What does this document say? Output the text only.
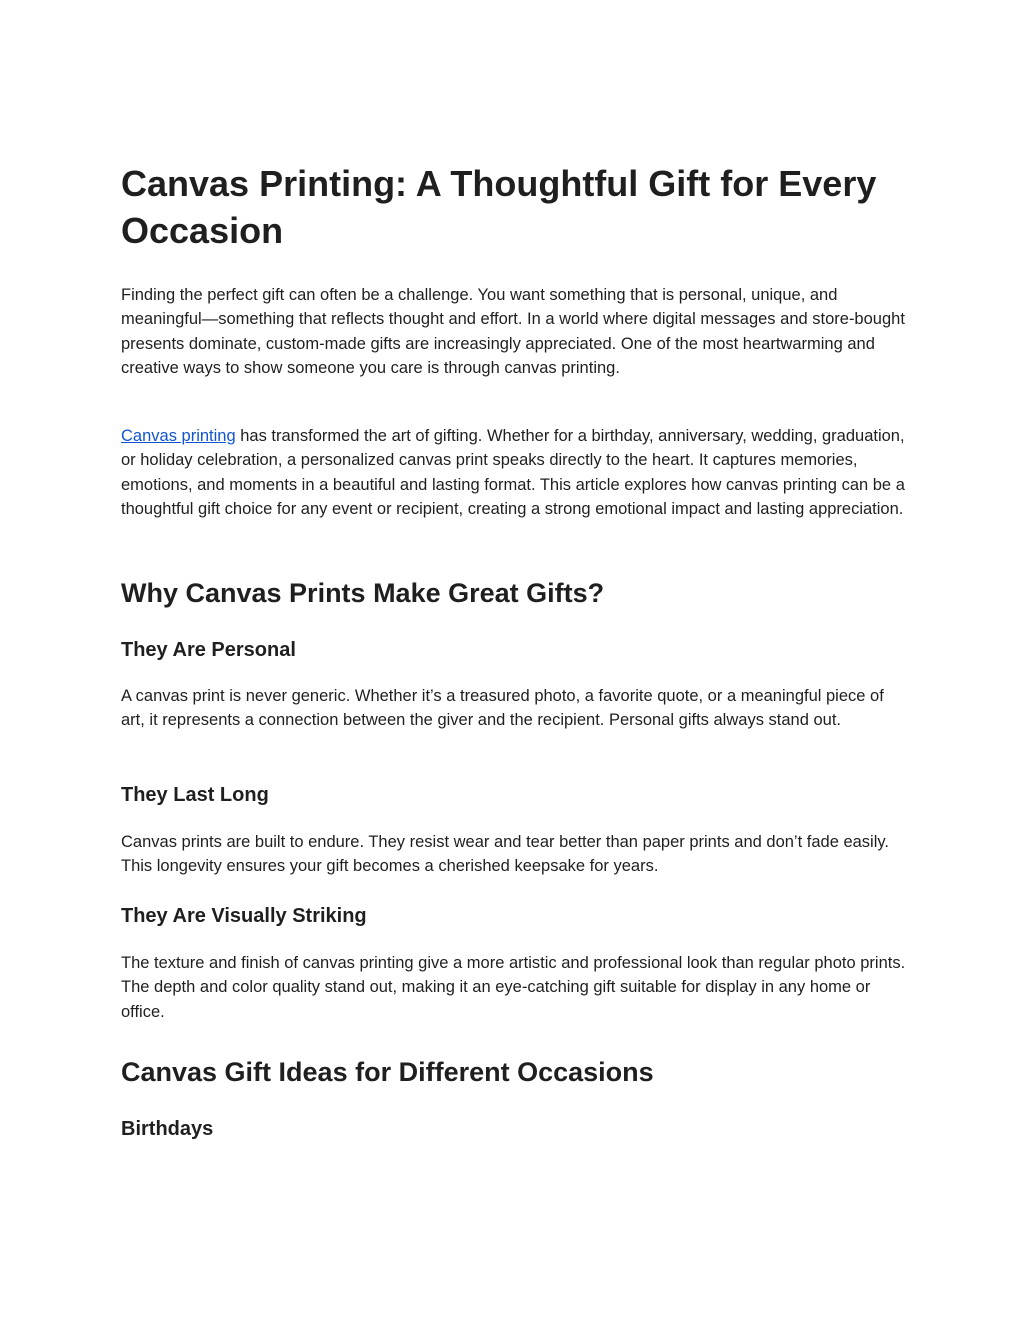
Canvas Printing: A Thoughtful Gift for Every Occasion

Finding the perfect gift can often be a challenge. You want something that is personal, unique, and meaningful—something that reflects thought and effort. In a world where digital messages and store-bought presents dominate, custom-made gifts are increasingly appreciated. One of the most heartwarming and creative ways to show someone you care is through canvas printing.

Canvas printing has transformed the art of gifting. Whether for a birthday, anniversary, wedding, graduation, or holiday celebration, a personalized canvas print speaks directly to the heart. It captures memories, emotions, and moments in a beautiful and lasting format. This article explores how canvas printing can be a thoughtful gift choice for any event or recipient, creating a strong emotional impact and lasting appreciation.

Why Canvas Prints Make Great Gifts?
They Are Personal

A canvas print is never generic. Whether it’s a treasured photo, a favorite quote, or a meaningful piece of art, it represents a connection between the giver and the recipient. Personal gifts always stand out.

They Last Long

Canvas prints are built to endure. They resist wear and tear better than paper prints and don’t fade easily. This longevity ensures your gift becomes a cherished keepsake for years.

They Are Visually Striking

The texture and finish of canvas printing give a more artistic and professional look than regular photo prints. The depth and color quality stand out, making it an eye-catching gift suitable for display in any home or office.

Canvas Gift Ideas for Different Occasions
Birthdays
